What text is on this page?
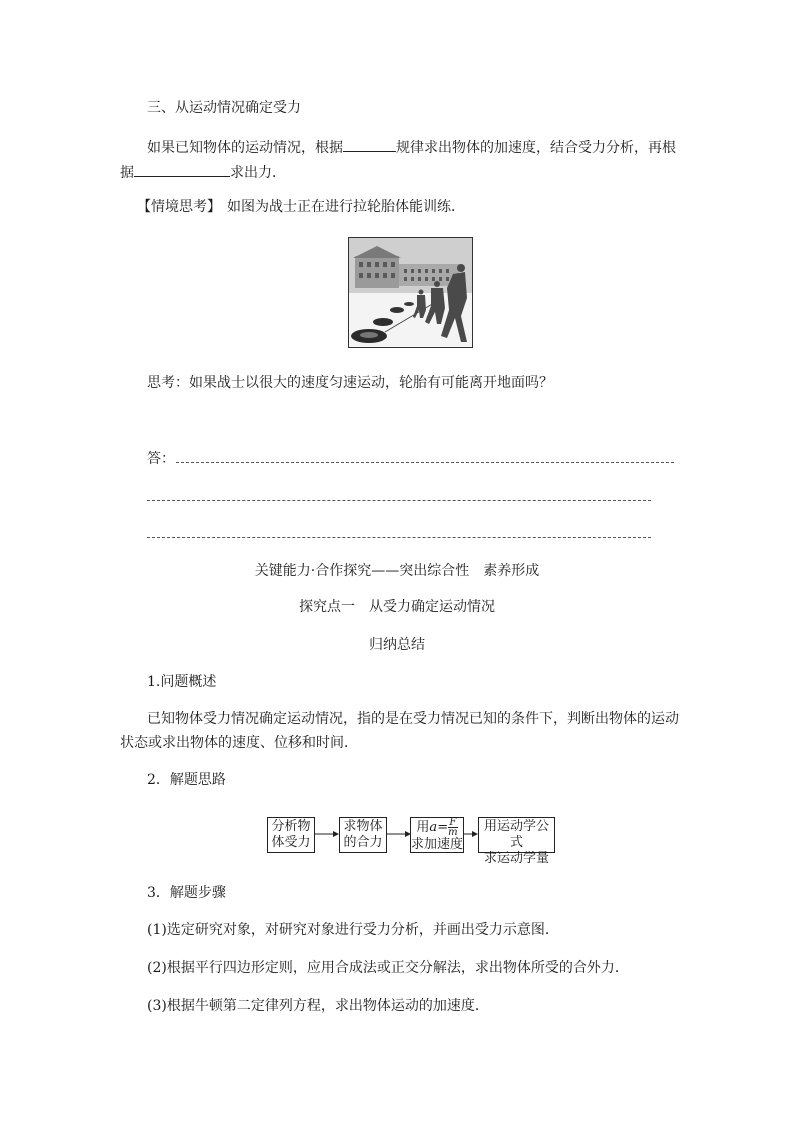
三、从运动情况确定受力
如果已知物体的运动情况，根据	规律求出物体的加速度，结合受力分析，再根
据	求出力．
【情境思考】 如图为战士正在进行拉轮胎体能训练．
思考：如果战士以很大的速度匀速运动，轮胎有可能离开地面吗？
答：
关键能力·合作探究——突出综合性　素养形成
探究点一　从受力确定运动情况
归纳总结
1.问题概述
已知物体受力情况确定运动情况，指的是在受力情况已知的条件下，判断出物体的运动
状态或求出物体的速度、位移和时间．
2．解题思路
分析物
体受力
求物体
的合力
用$a= \frac{F}{m}$
求加速度
用运动学公式
求运动学量
3．解题步骤
(1)选定研究对象，对研究对象进行受力分析，并画出受力示意图．
(2)根据平行四边形定则，应用合成法或正交分解法，求出物体所受的合外力．
(3)根据牛顿第二定律列方程，求出物体运动的加速度．
